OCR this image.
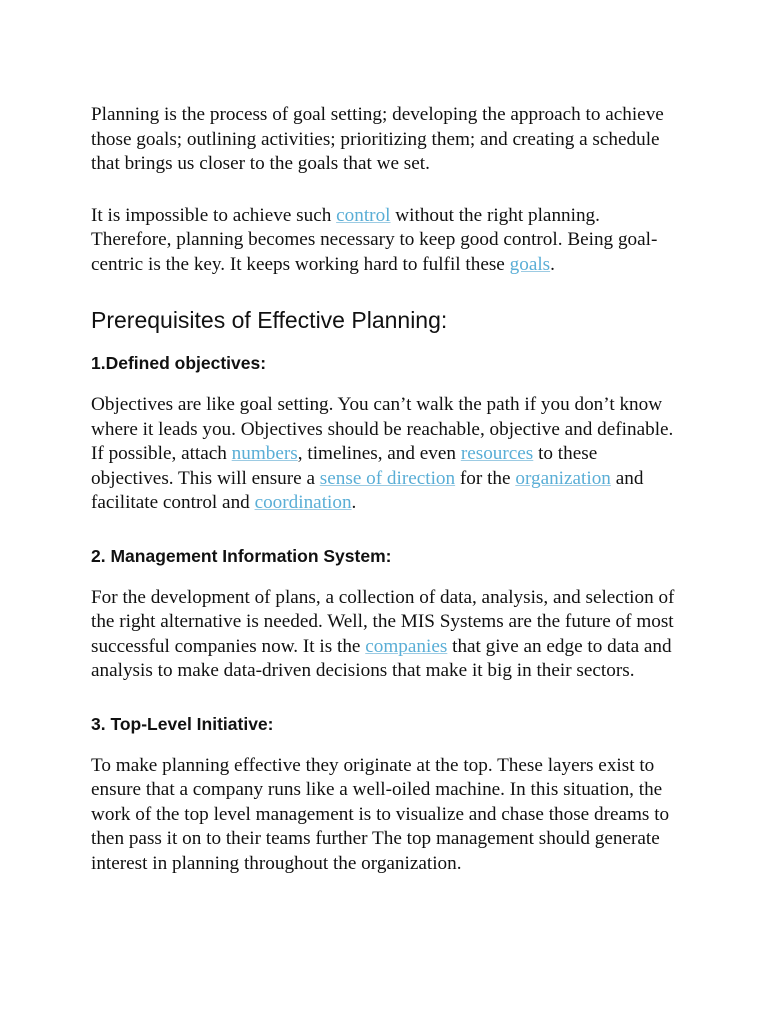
Planning is the process of goal setting; developing the approach to achieve those goals; outlining activities; prioritizing them; and creating a schedule that brings us closer to the goals that we set.

It is impossible to achieve such control without the right planning. Therefore, planning becomes necessary to keep good control. Being goal-centric is the key. It keeps working hard to fulfil these goals.

Prerequisites of Effective Planning:
1.Defined objectives:

Objectives are like goal setting. You can’t walk the path if you don’t know where it leads you. Objectives should be reachable, objective and definable. If possible, attach numbers, timelines, and even resources to these objectives. This will ensure a sense of direction for the organization and facilitate control and coordination.

2. Management Information System:

For the development of plans, a collection of data, analysis, and selection of the right alternative is needed. Well, the MIS Systems are the future of most successful companies now. It is the companies that give an edge to data and analysis to make data-driven decisions that make it big in their sectors.

3. Top-Level Initiative:

To make planning effective they originate at the top. These layers exist to ensure that a company runs like a well-oiled machine. In this situation, the work of the top level management is to visualize and chase those dreams to then pass it on to their teams further The top management should generate interest in planning throughout the organization.
